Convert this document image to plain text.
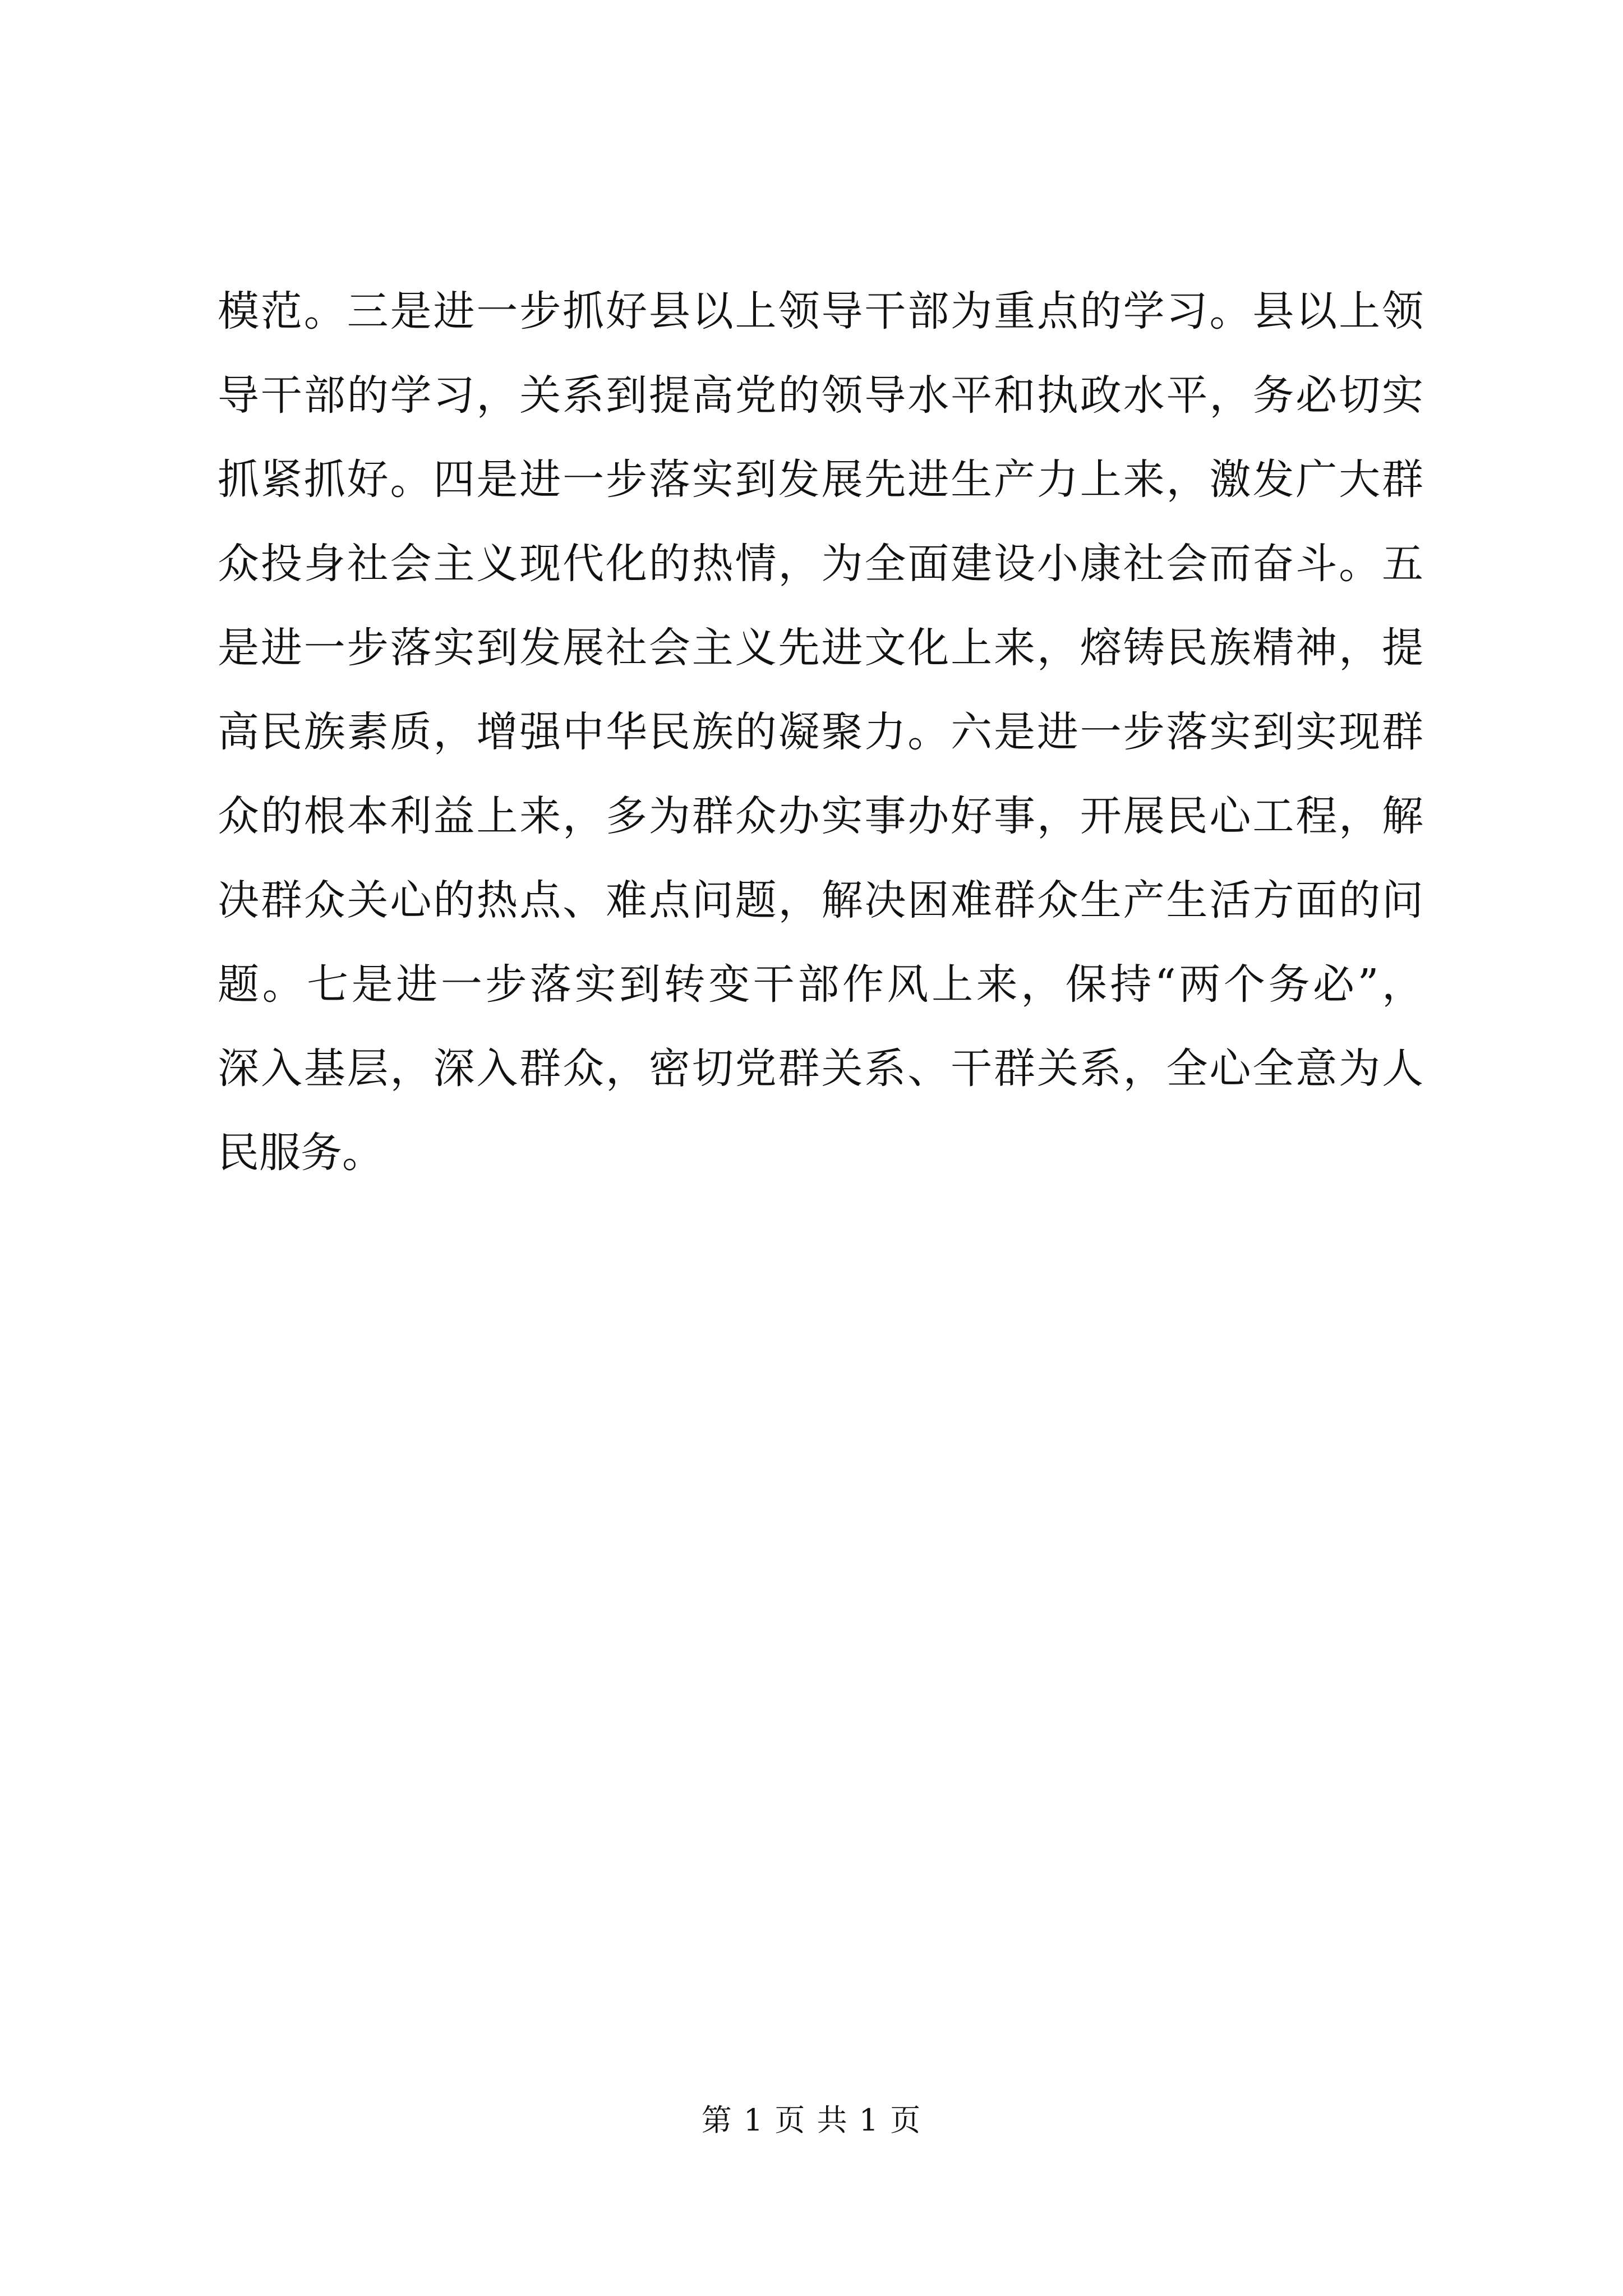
模范。三是进一步抓好县以上领导干部为重点的学习。县以上领
导干部的学习，关系到提高党的领导水平和执政水平，务必切实
抓紧抓好。四是进一步落实到发展先进生产力上来，激发广大群
众投身社会主义现代化的热情，为全面建设小康社会而奋斗。五
是进一步落实到发展社会主义先进文化上来，熔铸民族精神，提
高民族素质，增强中华民族的凝聚力。六是进一步落实到实现群
众的根本利益上来，多为群众办实事办好事，开展民心工程，解
决群众关心的热点、难点问题，解决困难群众生产生活方面的问
题。七是进一步落实到转变干部作风上来，保持“两个务必”，
深入基层，深入群众，密切党群关系、干群关系，全心全意为人
民服务。
第 1 页 共 1 页
